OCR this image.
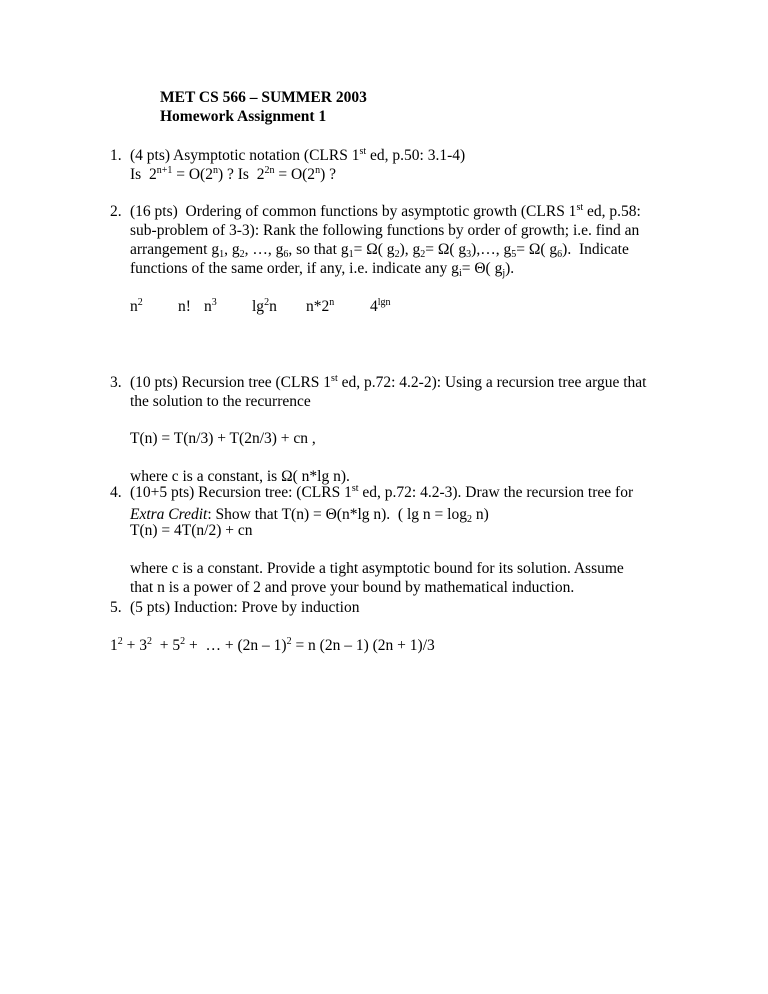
MET CS 566 – SUMMER 2003
Homework Assignment 1
1. (4 pts) Asymptotic notation (CLRS 1st ed, p.50: 3.1-4)
Is  $2^{n+1} = O(2^n)$ ? Is  $2^{2n} = O(2^n)$ ?
2. (16 pts)  Ordering of common functions by asymptotic growth (CLRS 1st ed, p.58:
sub-problem of 3-3): Rank the following functions by order of growth; i.e. find an
arrangement $g_1$, $g_2$, …, $g_6$, so that $g_1= \Omega$( $g_2$), $g_2= \Omega$( $g_3),\dots$, $g_5= \Omega$( $g_6$).  Indicate
functions of the same order, if any, i.e. indicate any $g_i= \Theta$( $g_j$).
$n^2$ n! $n^3$ $\lg^2n$ n*2$^n$ $4^{lgn}$
3. (10 pts) Recursion tree (CLRS 1st ed, p.72: 4.2-2): Using a recursion tree argue that
the solution to the recurrence
T(n) = T(n/3) + T(2n/3) + cn ,
where c is a constant, is Ω( n*lg n).
Extra Credit: Show that T(n) = Θ(n*lg n).  ( $\lg n = \log_2 n$)
4. (10+5 pts) Recursion tree: (CLRS 1st ed, p.72: 4.2-3). Draw the recursion tree for
T(n) = 4T(n/2) + cn
where c is a constant. Provide a tight asymptotic bound for its solution. Assume
that n is a power of 2 and prove your bound by mathematical induction.
5. (5 pts) Induction: Prove by induction
$1^2 + 3^2 + 5^2$ +  … + (2n – 1)$^2$ = n (2n – 1) (2n + 1)/3
